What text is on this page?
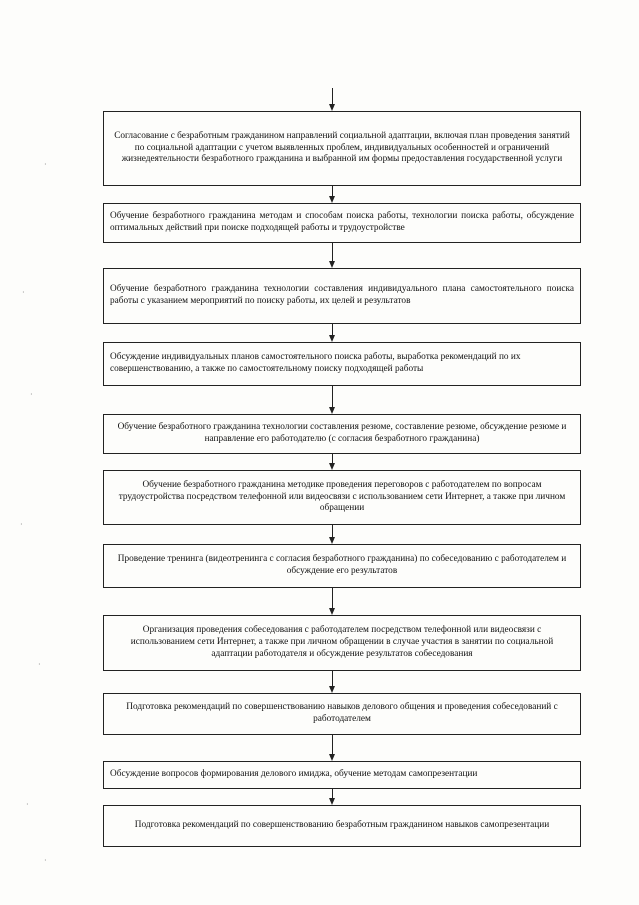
Согласование с безработным гражданином направлений социальной адаптации, включая план проведения занятий по социальной адаптации с учетом выявленных проблем, индивидуальных особенностей и ограничений жизнедеятельности безработного гражданина и выбранной им формы предоставления государственной услуги
Обучение безработного гражданина методам и способам поиска работы, технологии поиска работы, обсуждение оптимальных действий при поиске подходящей работы и трудоустройстве
Обучение безработного гражданина технологии составления индивидуального плана самостоятельного поиска работы с указанием мероприятий по поиску работы, их целей и результатов
Обсуждение индивидуальных планов самостоятельного поиска работы, выработка рекомендаций по их совершенствованию, а также по самостоятельному поиску подходящей работы
Обучение безработного гражданина технологии составления резюме, составление резюме, обсуждение резюме и направление его работодателю (с согласия безработного гражданина)
Обучение безработного гражданина методике проведения переговоров с работодателем по вопросам трудоустройства посредством телефонной или видеосвязи с использованием сети Интернет, а также при личном обращении
Проведение тренинга (видеотренинга с согласия безработного гражданина) по собеседованию с работодателем и обсуждение его результатов
Организация проведения собеседования с работодателем посредством телефонной или видеосвязи с использованием сети Интернет, а также при личном обращении в случае участия в занятии по социальной адаптации работодателя и обсуждение результатов собеседования
Подготовка рекомендаций по совершенствованию навыков делового общения и проведения собеседований с работодателем
Обсуждение вопросов формирования делового имиджа, обучение методам самопрезентации
Подготовка рекомендаций по совершенствованию безработным гражданином навыков самопрезентации
·
·
·
·
·
·
·
